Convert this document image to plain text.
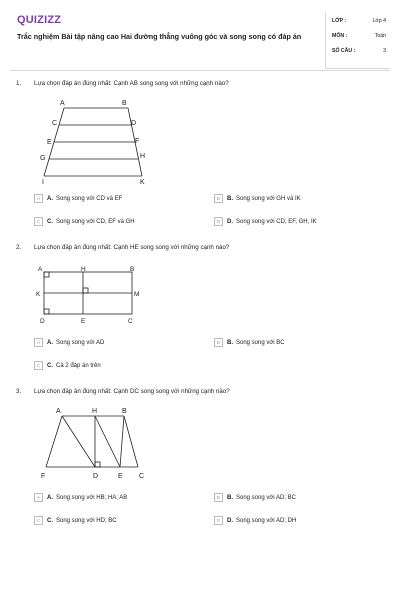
QUIZIZZ
Trắc nghiệm Bài tập nâng cao Hai đường thẳng vuông góc và song song có đáp án
LỚP :	Lớp 4
MÔN :	Toán
SỐ CÂU :	3
1. Lựa chọn đáp án đúng nhất: Cạnh AB song song với những cạnh nào?
A	B
C	D
E	F
G	H
I	K
A	A. Song song với CD và EF	B	B. Song song với GH và IK
C	C. Song song với CD, EF và GH	D	D. Song song với CD, EF, GH, IK
2. Lựa chọn đáp án đúng nhất: Cạnh HE song song với những cạnh nào?
A	H	B
K	M
D	E	C
A	A. Song song với AD	B	B. Song song với BC
C	C. Cả 2 đáp án trên
3. Lựa chọn đáp án đúng nhất: Cạnh DC song song với những cạnh nào?
A	H	B
F	D	E C
A	A. Song song với HB; HA; AB	B	B. Song song với AD; BC
C	C. Song song với HD; BC	D	D. Song song với AD; DH
